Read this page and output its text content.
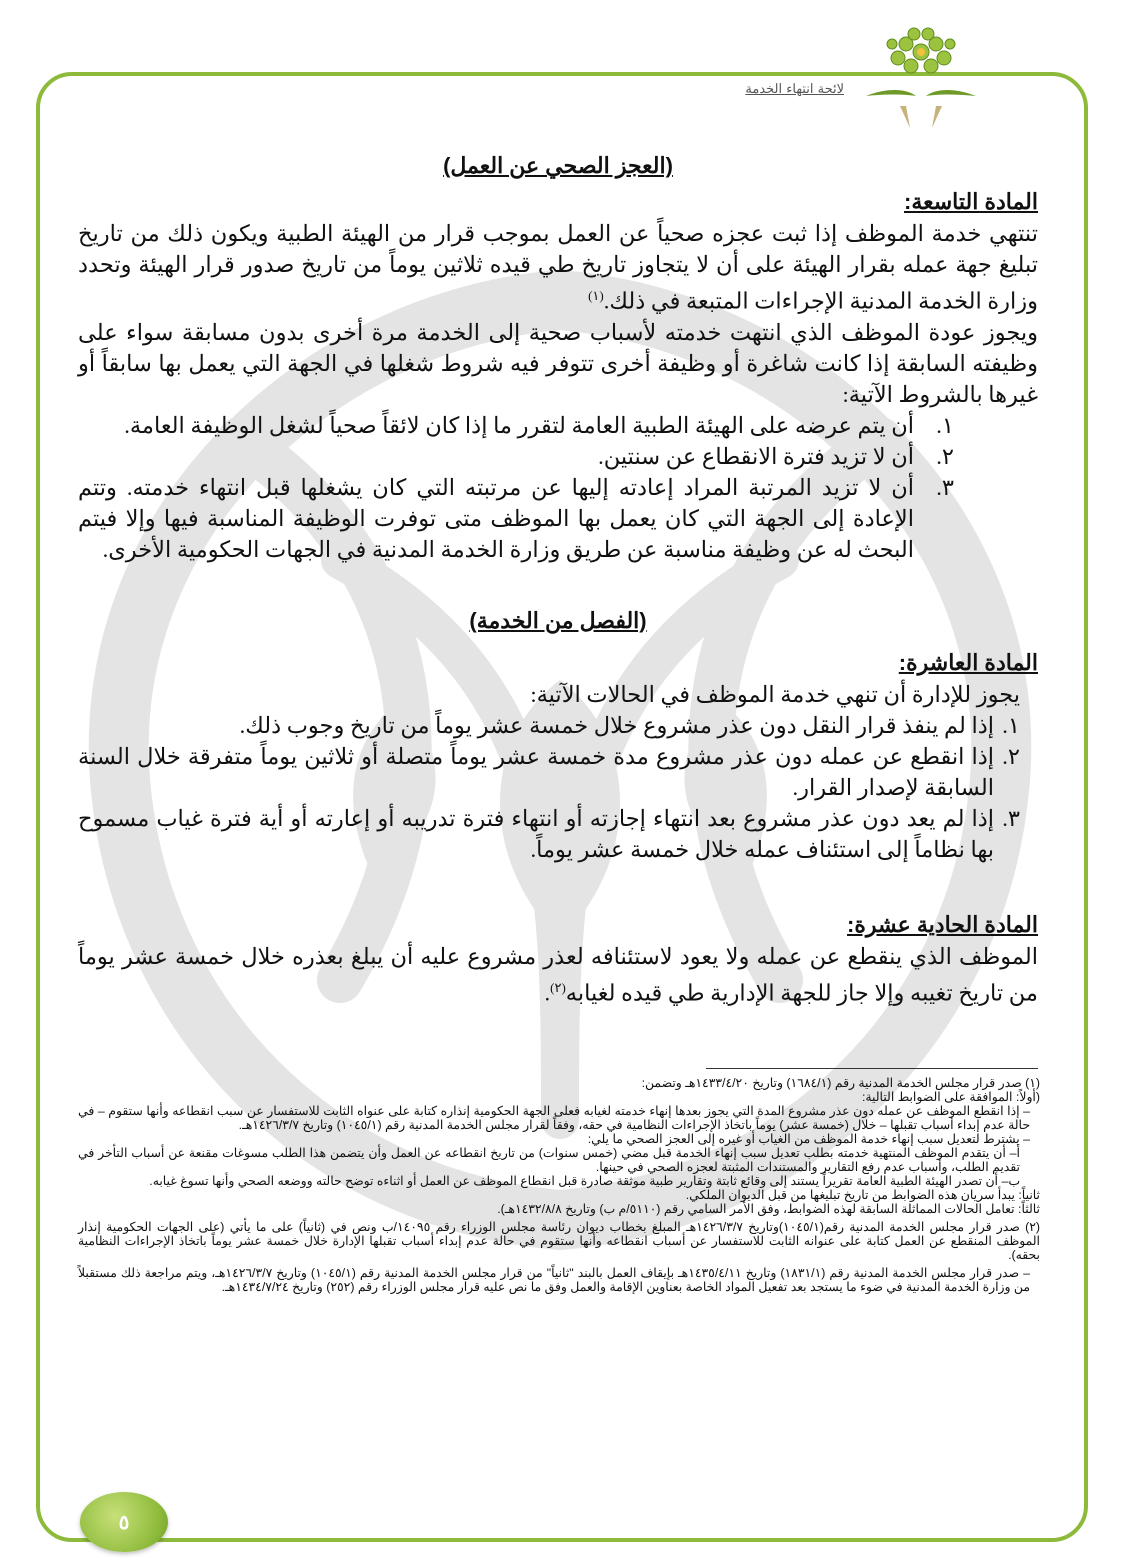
لائحة انتهاء الخدمة
(العجز الصحي عن العمل)
المادة التاسعة:

تنتهي خدمة الموظف إذا ثبت عجزه صحياً عن العمل بموجب قرار من الهيئة الطبية ويكون ذلك من تاريخ تبليغ جهة عمله بقرار الهيئة على أن لا يتجاوز تاريخ طي قيده ثلاثين يوماً من تاريخ صدور قرار الهيئة وتحدد وزارة الخدمة المدنية الإجراءات المتبعة في ذلك.$^{(١)}$

ويجوز عودة الموظف الذي انتهت خدمته لأسباب صحية إلى الخدمة مرة أخرى بدون مسابقة سواء على وظيفته السابقة إذا كانت شاغرة أو وظيفة أخرى تتوفر فيه شروط شغلها في الجهة التي يعمل بها سابقاً أو غيرها بالشروط الآتية:

١.
أن يتم عرضه على الهيئة الطبية العامة لتقرر ما إذا كان لائقاً صحياً لشغل الوظيفة العامة.
٢.
أن لا تزيد فترة الانقطاع عن سنتين.
٣.
أن لا تزيد المرتبة المراد إعادته إليها عن مرتبته التي كان يشغلها قبل انتهاء خدمته. وتتم الإعادة إلى الجهة التي كان يعمل بها الموظف متى توفرت الوظيفة المناسبة فيها وإلا فيتم البحث له عن وظيفة مناسبة عن طريق وزارة الخدمة المدنية في الجهات الحكومية الأخرى.
(الفصل من الخدمة)
المادة العاشرة:

يجوز للإدارة أن تنهي خدمة الموظف في الحالات الآتية:

١.
إذا لم ينفذ قرار النقل دون عذر مشروع خلال خمسة عشر يوماً من تاريخ وجوب ذلك.
٢.
إذا انقطع عن عمله دون عذر مشروع مدة خمسة عشر يوماً متصلة أو ثلاثين يوماً متفرقة خلال السنة السابقة لإصدار القرار.
٣.
إذا لم يعد دون عذر مشروع بعد انتهاء إجازته أو انتهاء فترة تدريبه أو إعارته أو أية فترة غياب مسموح بها نظاماً إلى استئناف عمله خلال خمسة عشر يوماً.
المادة الحادية عشرة:

الموظف الذي ينقطع عن عمله ولا يعود لاستئنافه لعذر مشروع عليه أن يبلغ بعذره خلال خمسة عشر يوماً من تاريخ تغيبه وإلا جاز للجهة الإدارية طي قيده لغيابه$^{(٢)}$.

(١) صدر قرار مجلس الخدمة المدنية رقم (١٦٨٤/١) وتاريخ ١٤٣٣/٤/٢٠هـ وتضمن:

(أولاً: الموافقة على الضوابط التالية:

– إذا انقطع الموظف عن عمله دون عذر مشروع المدة التي يجوز بعدها إنهاء خدمته لغيابه فعلى الجهة الحكومية إنذاره كتابة على عنواه الثابت للاستفسار عن سبب انقطاعه وأنها ستقوم – في حالة عدم إبداء أسباب تقبلها – خلال (خمسة عشر) يوماً باتخاذ الإجراءات النظامية في حقه، وفقاً لقرار مجلس الخدمة المدنية رقم (١٠٤٥/١) وتاريخ ١٤٢٦/٣/٧هـ.

– يشترط لتعديل سبب إنهاء خدمة الموظف من الغياب أو غيره إلى العجز الصحي ما يلي:

أ– أن يتقدم الموظف المنتهية خدمته بطلب تعديل سبب إنهاء الخدمة قبل مضي (خمس سنوات) من تاريخ انقطاعه عن العمل وأن يتضمن هذا الطلب مسوغات مقنعة عن أسباب التأخر في تقديم الطلب، وأسباب عدم رفع التقارير والمستندات المثبتة لعجزه الصحي في حينها.

ب– أن تصدر الهيئة الطبية العامة تقريراً يستند إلى وقائع ثابتة وتقارير طبية موثقة صادرة قبل انقطاع الموظف عن العمل أو اثناءه توضح حالته ووضعه الصحي وأنها تسوغ غيابه.

ثانياً: يبدأ سريان هذه الضوابط من تاريخ تبليغها من قبل الديوان الملكي.

ثالثاً: تعامل الحالات المماثلة السابقة لهذه الضوابط، وفق الأمر السامي رقم (٥١١٠/م ب) وتاريخ ١٤٣٢/٨/٨هـ).

(٢) صدر قرار مجلس الخدمة المدنية رقم(١٠٤٥/١)وتاريخ ١٤٢٦/٣/٧هـ المبلغ بخطاب ديوان رئاسة مجلس الوزراء رقم ١٤٠٩٥/ب ونص في (ثانياً) على ما يأتي (على الجهات الحكومية إنذار الموظف المنقطع عن العمل كتابة على عنوانه الثابت للاستفسار عن أسباب انقطاعه وأنها ستقوم في حالة عدم إبداء أسباب تقبلها الإدارة خلال خمسة عشر يوماً باتخاذ الإجراءات النظامية بحقه).

– صدر قرار مجلس الخدمة المدنية رقم (١٨٣١/١) وتاريخ ١٤٣٥/٤/١١هـ بإيقاف العمل بالبند "ثانياً" من قرار مجلس الخدمة المدنية رقم (١٠٤٥/١) وتاريخ ١٤٢٦/٣/٧هـ، ويتم مراجعة ذلك مستقبلاً من وزارة الخدمة المدنية في ضوء ما يستجد بعد تفعيل المواد الخاصة بعناوين الإقامة والعمل وفق ما نص عليه قرار مجلس الوزراء رقم (٢٥٢) وتاريخ ١٤٣٤/٧/٢٤هـ.

٥
